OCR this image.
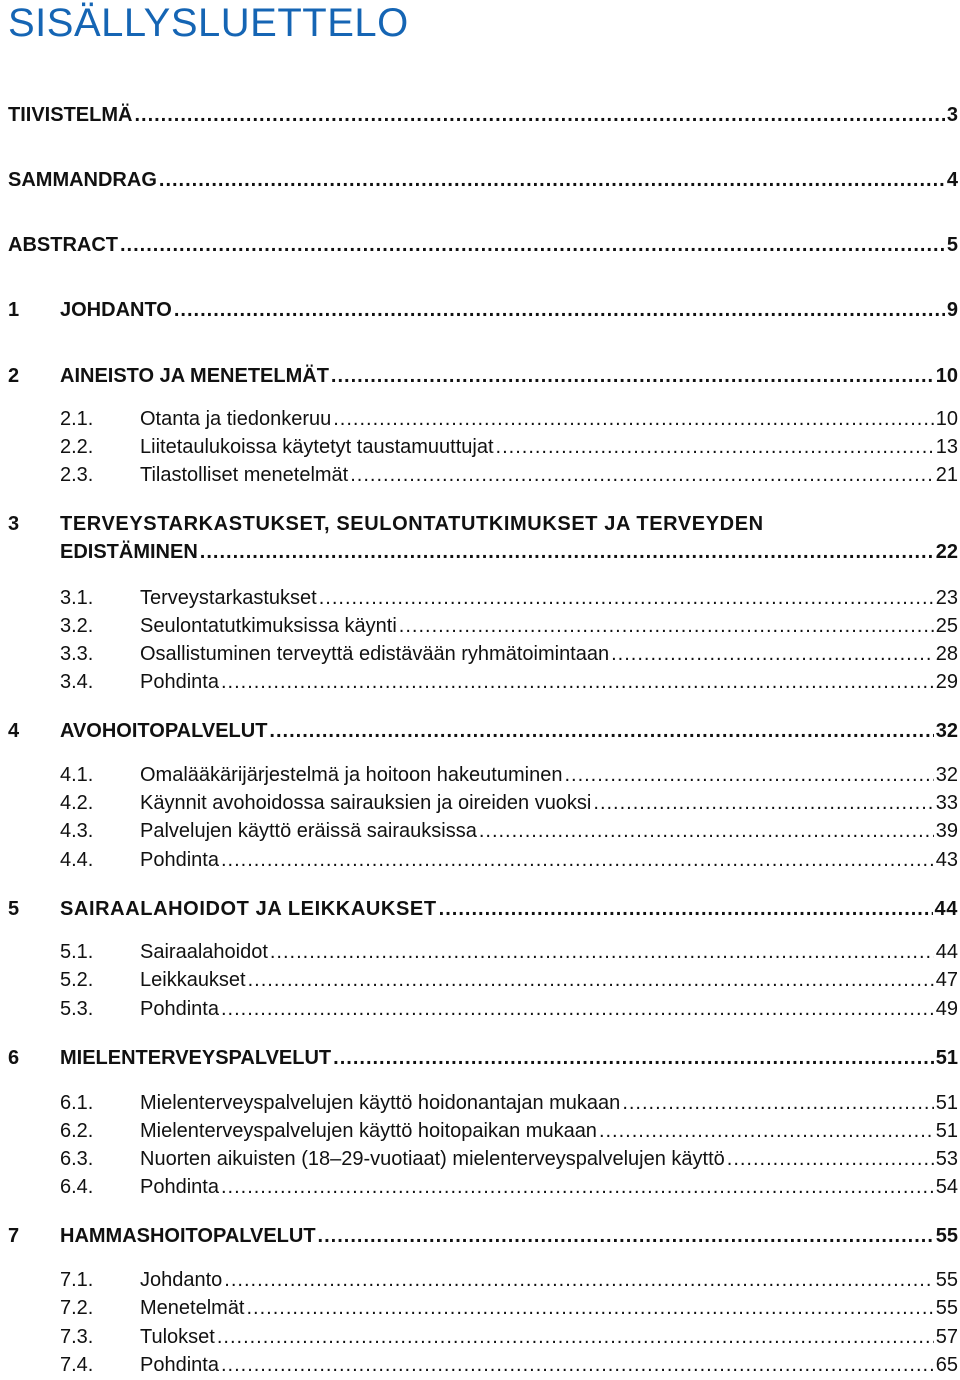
SISÄLLYSLUETTELO
TIIVISTELMÄ .....	3
SAMMANDRAG .....	4
ABSTRACT .....	5
1	JOHDANTO .....	9
2	AINEISTO JA MENETELMÄT .....	10
2.1.	Otanta ja tiedonkeruu .....	10
2.2.	Liitetaulukoissa käytetyt taustamuuttujat .....	13
2.3.	Tilastolliset menetelmät .....	21
3 TERVEYSTARKASTUKSET, SEULONTATUTKIMUKSET JA TERVEYDEN
EDISTÄMINEN .....	22
3.1.	Terveystarkastukset .....	23
3.2.	Seulontatutkimuksissa käynti .....	25
3.3.	Osallistuminen terveyttä edistävään ryhmätoimintaan .....	28
3.4.	Pohdinta .....	29
4	AVOHOITOPALVELUT .....	32
4.1.	Omalääkärijärjestelmä ja hoitoon hakeutuminen .....	32
4.2.	Käynnit avohoidossa sairauksien ja oireiden vuoksi .....	33
4.3.	Palvelujen käyttö eräissä sairauksissa .....	39
4.4.	Pohdinta .....	43
5	SAIRAALAHOIDOT JA LEIKKAUKSET .....	44
5.1.	Sairaalahoidot .....	44
5.2.	Leikkaukset .....	47
5.3.	Pohdinta .....	49
6	MIELENTERVEYSPALVELUT .....	51
6.1.	Mielenterveyspalvelujen käyttö hoidonantajan mukaan .....	51
6.2.	Mielenterveyspalvelujen käyttö hoitopaikan mukaan .....	51
6.3.	Nuorten aikuisten (18–29-vuotiaat) mielenterveyspalvelujen käyttö .....	53
6.4.	Pohdinta .....	54
7	HAMMASHOITOPALVELUT .....	55
7.1.	Johdanto .....	55
7.2.	Menetelmät .....	55
7.3.	Tulokset .....	57
7.4.	Pohdinta .....	65
